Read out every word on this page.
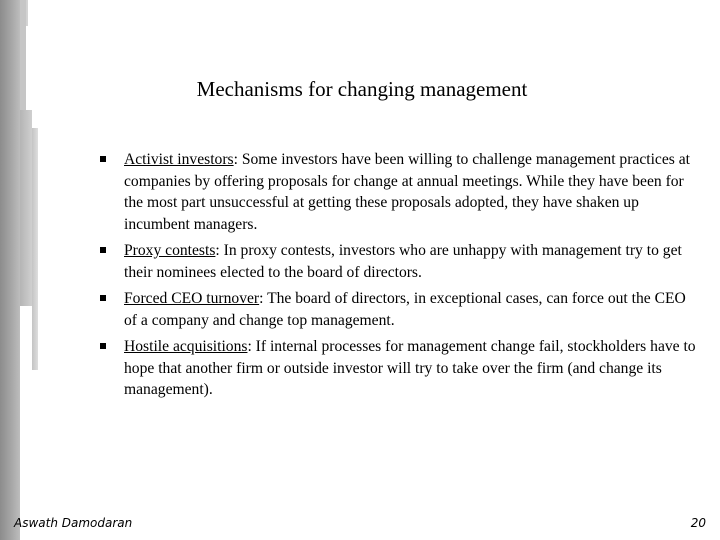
Mechanisms for changing management
Activist investors: Some investors have been willing to challenge management practices at companies by offering proposals for change at annual meetings. While they have been for the most part unsuccessful at getting these proposals adopted, they have shaken up incumbent managers.
Proxy contests: In proxy contests, investors who are unhappy with management try to get their nominees elected to the board of directors.
Forced CEO turnover: The board of directors, in exceptional cases, can force out the CEO of a company and change top management.
Hostile acquisitions: If internal processes for management change fail, stockholders have to hope that another firm or outside investor will try to take over the firm (and change its management).
Aswath Damodaran	20
